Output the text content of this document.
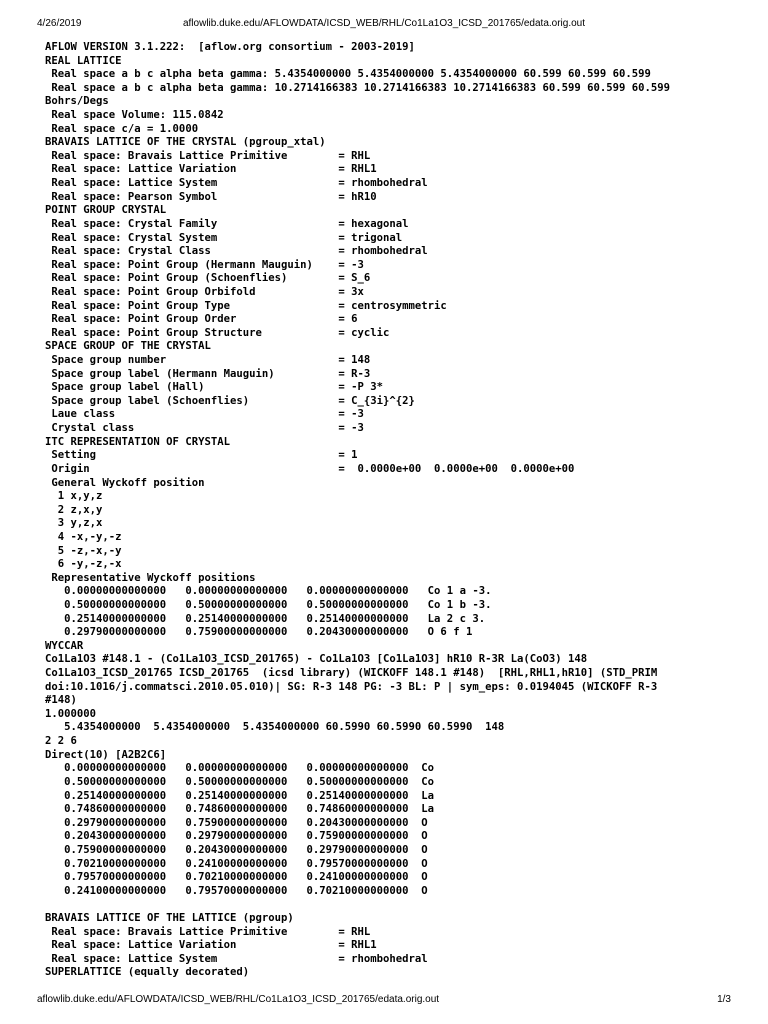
4/26/2019	aflowlib.duke.edu/AFLOWDATA/ICSD_WEB/RHL/Co1La1O3_ICSD_201765/edata.orig.out
AFLOW VERSION 3.1.222:  [aflow.org consortium - 2003-2019]
REAL LATTICE
Real space a b c alpha beta gamma: 5.4354000000 5.4354000000 5.4354000000 60.599 60.599 60.599
Real space a b c alpha beta gamma: 10.2714166383 10.2714166383 10.2714166383 60.599 60.599 60.599
Bohrs/Degs
Real space Volume: 115.0842
Real space c/a = 1.0000
BRAVAIS LATTICE OF THE CRYSTAL (pgroup_xtal)
Real space: Bravais Lattice Primitive        = RHL
Real space: Lattice Variation                = RHL1
Real space: Lattice System                   = rhombohedral
Real space: Pearson Symbol                   = hR10
POINT GROUP CRYSTAL
Real space: Crystal Family                   = hexagonal
Real space: Crystal System                   = trigonal
Real space: Crystal Class                    = rhombohedral
Real space: Point Group (Hermann Mauguin)    = -3
Real space: Point Group (Schoenflies)        = S_6
Real space: Point Group Orbifold             = 3x
Real space: Point Group Type                 = centrosymmetric
Real space: Point Group Order                = 6
Real space: Point Group Structure            = cyclic
SPACE GROUP OF THE CRYSTAL
Space group number                           = 148
Space group label (Hermann Mauguin)          = R-3
Space group label (Hall)                     = -P 3*
Space group label (Schoenflies)              = C_{3i}^{2}
Laue class                                   = -3
Crystal class                                = -3
ITC REPRESENTATION OF CRYSTAL
Setting                                      = 1
Origin                                       =  0.0000e+00  0.0000e+00  0.0000e+00
General Wyckoff position
1 x,y,z
2 z,x,y
3 y,z,x
4 -x,-y,-z
5 -z,-x,-y
6 -y,-z,-x
Representative Wyckoff positions
0.00000000000000   0.00000000000000   0.00000000000000   Co 1 a -3.
0.50000000000000   0.50000000000000   0.50000000000000   Co 1 b -3.
0.25140000000000   0.25140000000000   0.25140000000000   La 2 c 3.
0.29790000000000   0.75900000000000   0.20430000000000   O 6 f 1
WYCCAR
Co1La1O3 #148.1 - (Co1La1O3_ICSD_201765) - Co1La1O3 [Co1La1O3] hR10 R-3R La(CoO3) 148
Co1La1O3_ICSD_201765 ICSD_201765  (icsd library) (WICKOFF 148.1 #148)  [RHL,RHL1,hR10] (STD_PRIM
doi:10.1016/j.commatsci.2010.05.010)| SG: R-3 148 PG: -3 BL: P | sym_eps: 0.0194045 (WICKOFF R-3
#148)
1.000000
5.4354000000  5.4354000000  5.4354000000 60.5990 60.5990 60.5990  148
2 2 6
Direct(10) [A2B2C6]
0.00000000000000   0.00000000000000   0.00000000000000  Co
0.50000000000000   0.50000000000000   0.50000000000000  Co
0.25140000000000   0.25140000000000   0.25140000000000  La
0.74860000000000   0.74860000000000   0.74860000000000  La
0.29790000000000   0.75900000000000   0.20430000000000  O
0.20430000000000   0.29790000000000   0.75900000000000  O
0.75900000000000   0.20430000000000   0.29790000000000  O
0.70210000000000   0.24100000000000   0.79570000000000  O
0.79570000000000   0.70210000000000   0.24100000000000  O
0.24100000000000   0.79570000000000   0.70210000000000  O
BRAVAIS LATTICE OF THE LATTICE (pgroup)
Real space: Bravais Lattice Primitive        = RHL
Real space: Lattice Variation                = RHL1
Real space: Lattice System                   = rhombohedral
SUPERLATTICE (equally decorated)
aflowlib.duke.edu/AFLOWDATA/ICSD_WEB/RHL/Co1La1O3_ICSD_201765/edata.orig.out	1/3
